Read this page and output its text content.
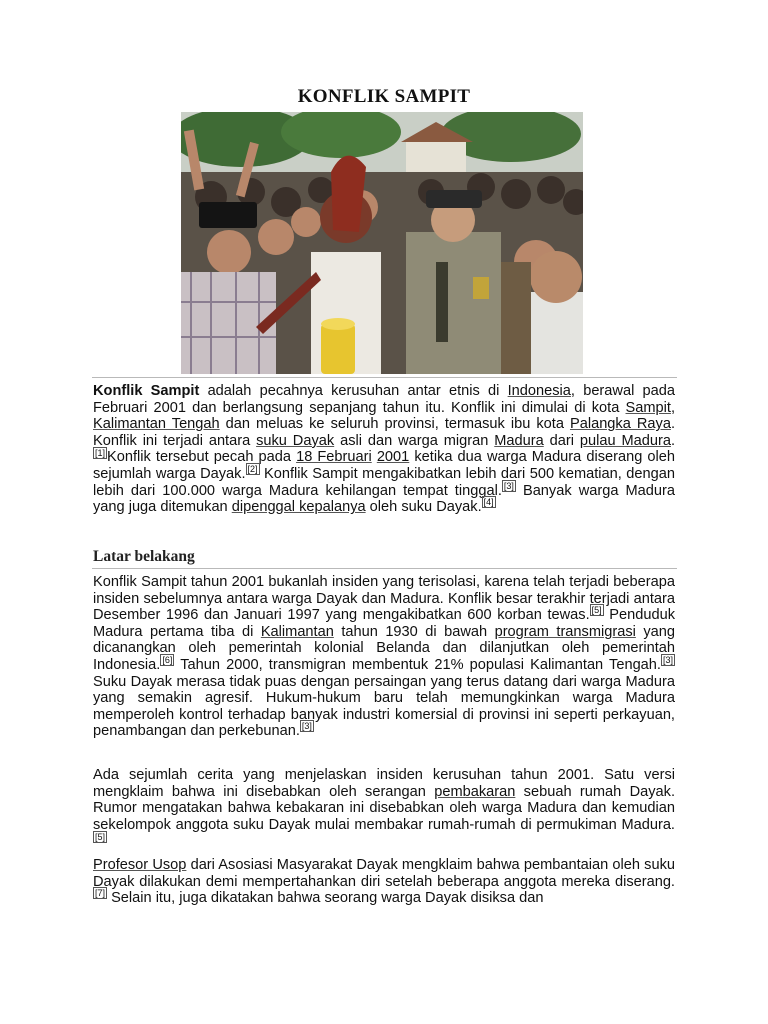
KONFLIK SAMPIT
Konflik Sampit adalah pecahnya kerusuhan antar etnis di Indonesia, berawal pada Februari 2001 dan berlangsung sepanjang tahun itu. Konflik ini dimulai di kota Sampit, Kalimantan Tengah dan meluas ke seluruh provinsi, termasuk ibu kota Palangka Raya. Konflik ini terjadi antara suku Dayak asli dan warga migran Madura dari pulau Madura.[1] Konflik tersebut pecah pada 18 Februari 2001 ketika dua warga Madura diserang oleh sejumlah warga Dayak. [2] Konflik Sampit mengakibatkan lebih dari 500 kematian, dengan lebih dari 100.000 warga Madura kehilangan tempat tinggal. [3] Banyak warga Madura yang juga ditemukan dipenggal kepalanya oleh suku Dayak. [4]
Latar belakang
Konflik Sampit tahun 2001 bukanlah insiden yang terisolasi, karena telah terjadi beberapa insiden sebelumnya antara warga Dayak dan Madura. Konflik besar terakhir terjadi antara Desember 1996 dan Januari 1997 yang mengakibatkan 600 korban tewas. [5] Penduduk Madura pertama tiba di Kalimantan tahun 1930 di bawah program transmigrasi yang dicanangkan oleh pemerintah kolonial Belanda dan dilanjutkan oleh pemerintah Indonesia. [6] Tahun 2000, transmigran membentuk 21% populasi Kalimantan Tengah. [3] Suku Dayak merasa tidak puas dengan persaingan yang terus datang dari warga Madura yang semakin agresif. Hukum-hukum baru telah memungkinkan warga Madura memperoleh kontrol terhadap banyak industri komersial di provinsi ini seperti perkayuan, penambangan dan perkebunan. [3]
Ada sejumlah cerita yang menjelaskan insiden kerusuhan tahun 2001. Satu versi mengklaim bahwa ini disebabkan oleh serangan pembakaran sebuah rumah Dayak. Rumor mengatakan bahwa kebakaran ini disebabkan oleh warga Madura dan kemudian sekelompok anggota suku Dayak mulai membakar rumah-rumah di permukiman Madura.[5]
Profesor Usop dari Asosiasi Masyarakat Dayak mengklaim bahwa pembantaian oleh suku Dayak dilakukan demi mempertahankan diri setelah beberapa anggota mereka diserang.[7] Selain itu, juga dikatakan bahwa seorang warga Dayak disiksa dan
